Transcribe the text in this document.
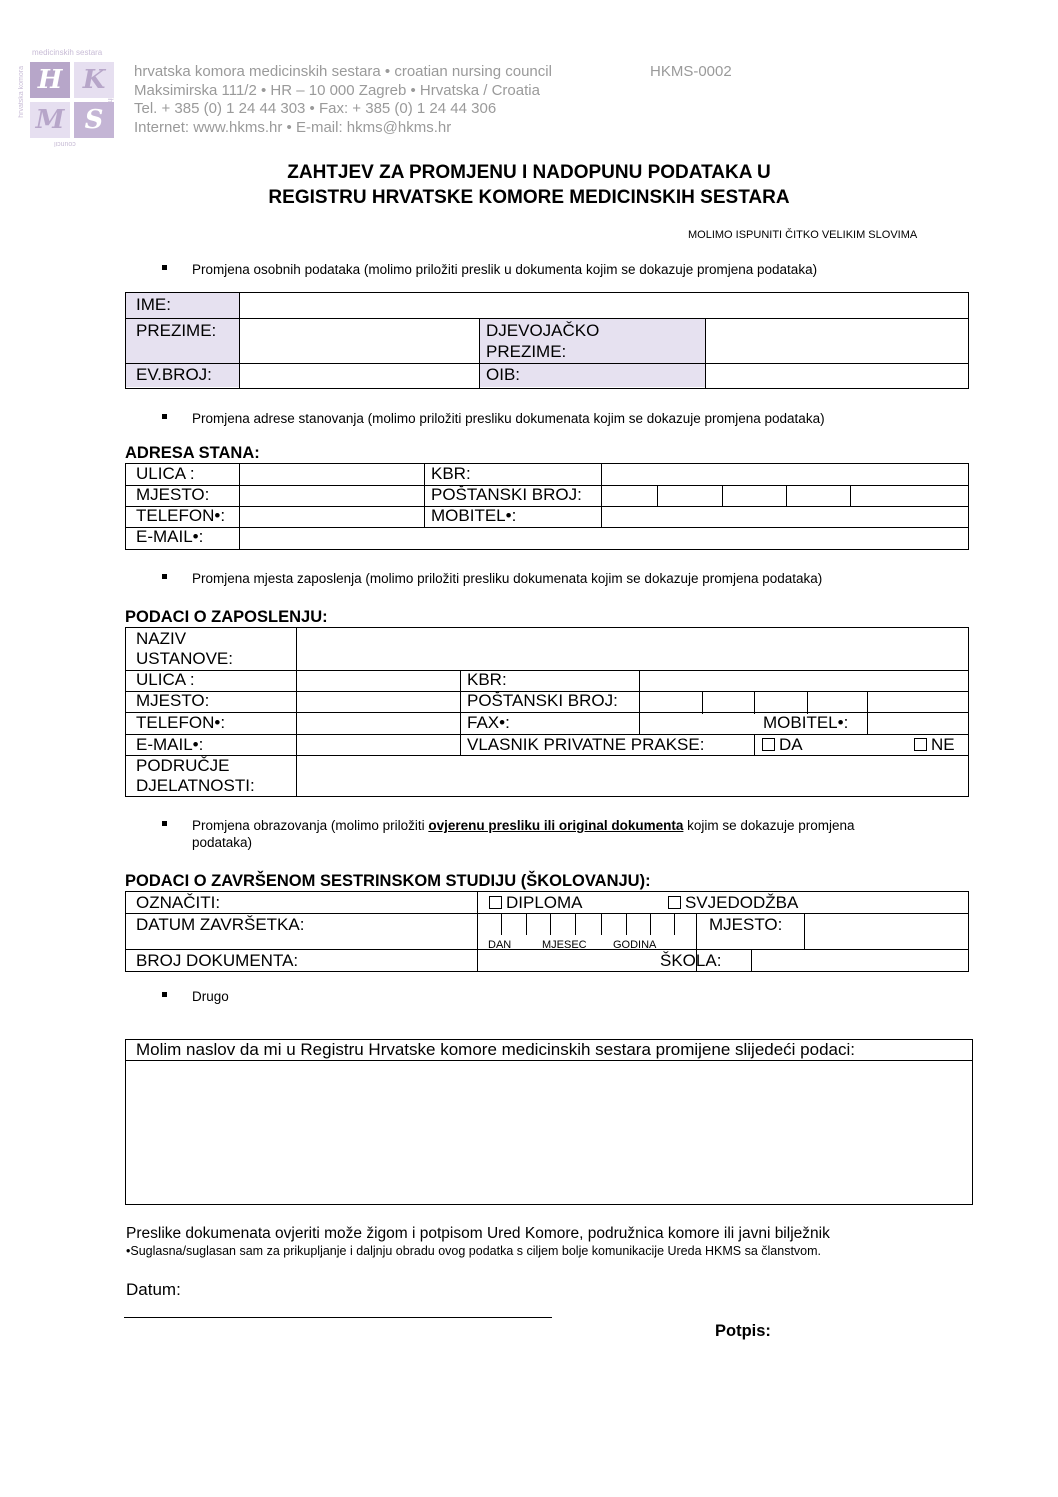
medicinskih sestara
hrvatska komora H K
M S
council
hrvatska komora medicinskih sestara • croatian nursing council
Maksimirska 111/2 • HR – 10 000 Zagreb • Hrvatska / Croatia
Tel. + 385 (0) 1 24 44 303 • Fax: + 385 (0) 1 24 44 306
Internet: www.hkms.hr • E-mail: hkms@hkms.hr
HKMS-0002
ZAHTJEV ZA PROMJENU I NADOPUNU PODATAKA U
REGISTRU HRVATSKE KOMORE MEDICINSKIH SESTARA
MOLIMO ISPUNITI ČITKO VELIKIM SLOVIMA
Promjena osobnih podataka (molimo priložiti preslik u dokumenta kojim se dokazuje promjena podataka)
IME:
PREZIME:	DJEVOJAČKO
PREZIME:
EV.BROJ:	OIB:
Promjena adrese stanovanja (molimo priložiti presliku dokumenata kojim se dokazuje promjena podataka)
ADRESA STANA:
ULICA :	KBR:
MJESTO:	POŠTANSKI BROJ:
TELEFON•:	MOBITEL•:
E-MAIL•:
Promjena mjesta zaposlenja (molimo priložiti presliku dokumenata kojim se dokazuje promjena podataka)
PODACI O ZAPOSLENJU:
NAZIV
USTANOVE:
ULICA :	KBR:
MJESTO:	POŠTANSKI BROJ:
TELEFON•:	FAX•:	MOBITEL•:
E-MAIL•:	VLASNIK PRIVATNE PRAKSE:	DA	NE
PODRUČJE
DJELATNOSTI:
Promjena obrazovanja (molimo priložiti ovjerenu presliku ili original dokumenta kojim se dokazuje promjena
podataka)
PODACI O ZAVRŠENOM SESTRINSKOM STUDIJU (ŠKOLOVANJU):
OZNAČITI:	DIPLOMA	SVJEDODŽBA
DATUM ZAVRŠETKA:	MJESTO:
DAN	MJESEC GODINA
BROJ DOKUMENTA:	ŠKOLA:
Drugo
Molim naslov da mi u Registru Hrvatske komore medicinskih sestara promijene slijedeći podaci:
Preslike dokumenata ovjeriti može žigom i potpisom Ured Komore, podružnica komore ili javni bilježnik
•Suglasna/suglasan sam za prikupljanje i daljnju obradu ovog podatka s ciljem bolje komunikacije Ureda HKMS sa članstvom.
Datum:
Potpis:
